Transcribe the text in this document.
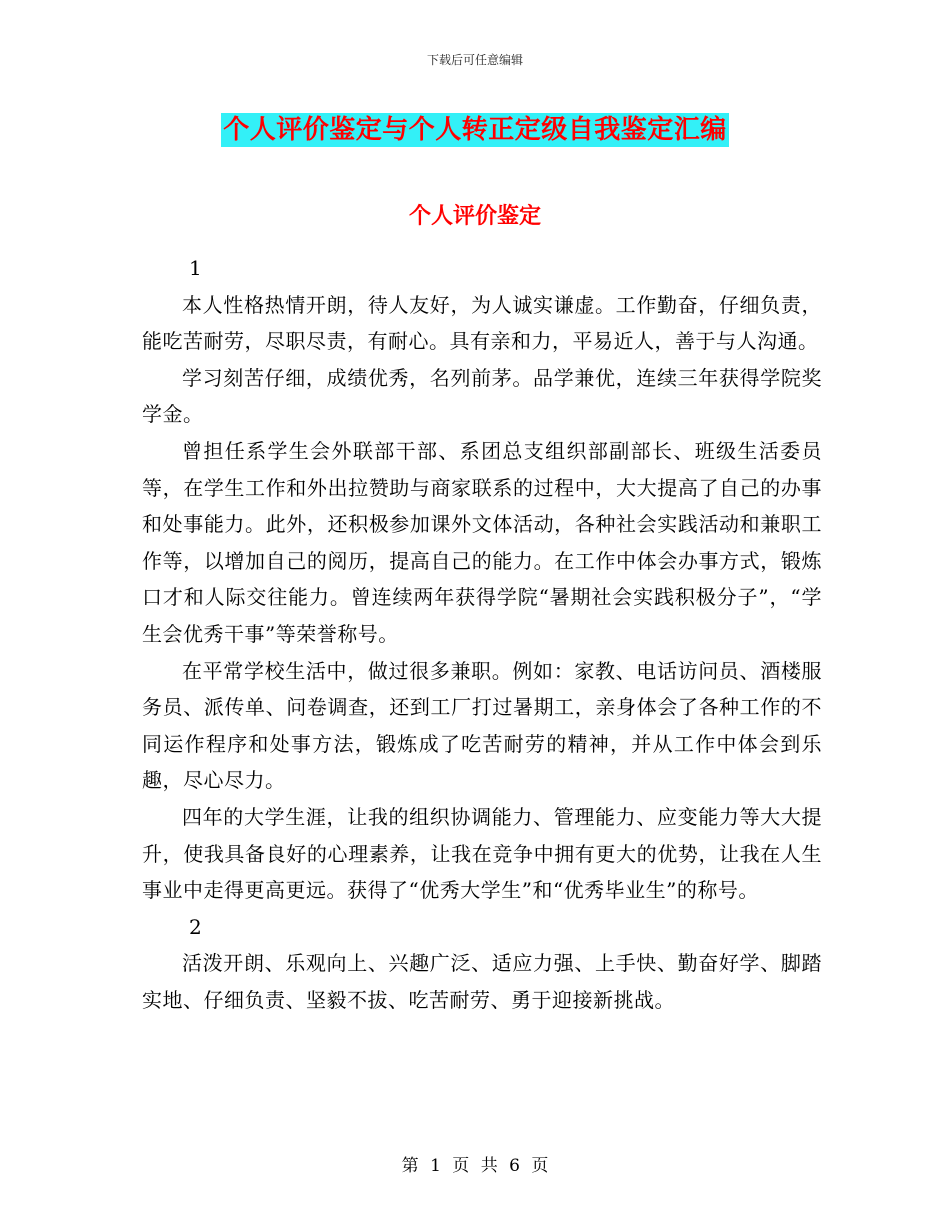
下载后可任意编辑
个人评价鉴定与个人转正定级自我鉴定汇编
个人评价鉴定

1

本人性格热情开朗，待人友好，为人诚实谦虚。工作勤奋，仔细负责，能吃苦耐劳，尽职尽责，有耐心。具有亲和力，平易近人，善于与人沟通。

学习刻苦仔细，成绩优秀，名列前茅。品学兼优，连续三年获得学院奖学金。

曾担任系学生会外联部干部、系团总支组织部副部长、班级生活委员等，在学生工作和外出拉赞助与商家联系的过程中，大大提高了自己的办事和处事能力。此外，还积极参加课外文体活动，各种社会实践活动和兼职工作等，以增加自己的阅历，提高自己的能力。在工作中体会办事方式，锻炼口才和人际交往能力。曾连续两年获得学院“暑期社会实践积极分子”，“学生会优秀干事”等荣誉称号。

在平常学校生活中，做过很多兼职。例如：家教、电话访问员、酒楼服务员、派传单、问卷调查，还到工厂打过暑期工，亲身体会了各种工作的不同运作程序和处事方法，锻炼成了吃苦耐劳的精神，并从工作中体会到乐趣，尽心尽力。

四年的大学生涯，让我的组织协调能力、管理能力、应变能力等大大提升，使我具备良好的心理素养，让我在竞争中拥有更大的优势，让我在人生事业中走得更高更远。获得了“优秀大学生”和“优秀毕业生”的称号。

2

活泼开朗、乐观向上、兴趣广泛、适应力强、上手快、勤奋好学、脚踏实地、仔细负责、坚毅不拔、吃苦耐劳、勇于迎接新挑战。

第 1 页 共 6 页
